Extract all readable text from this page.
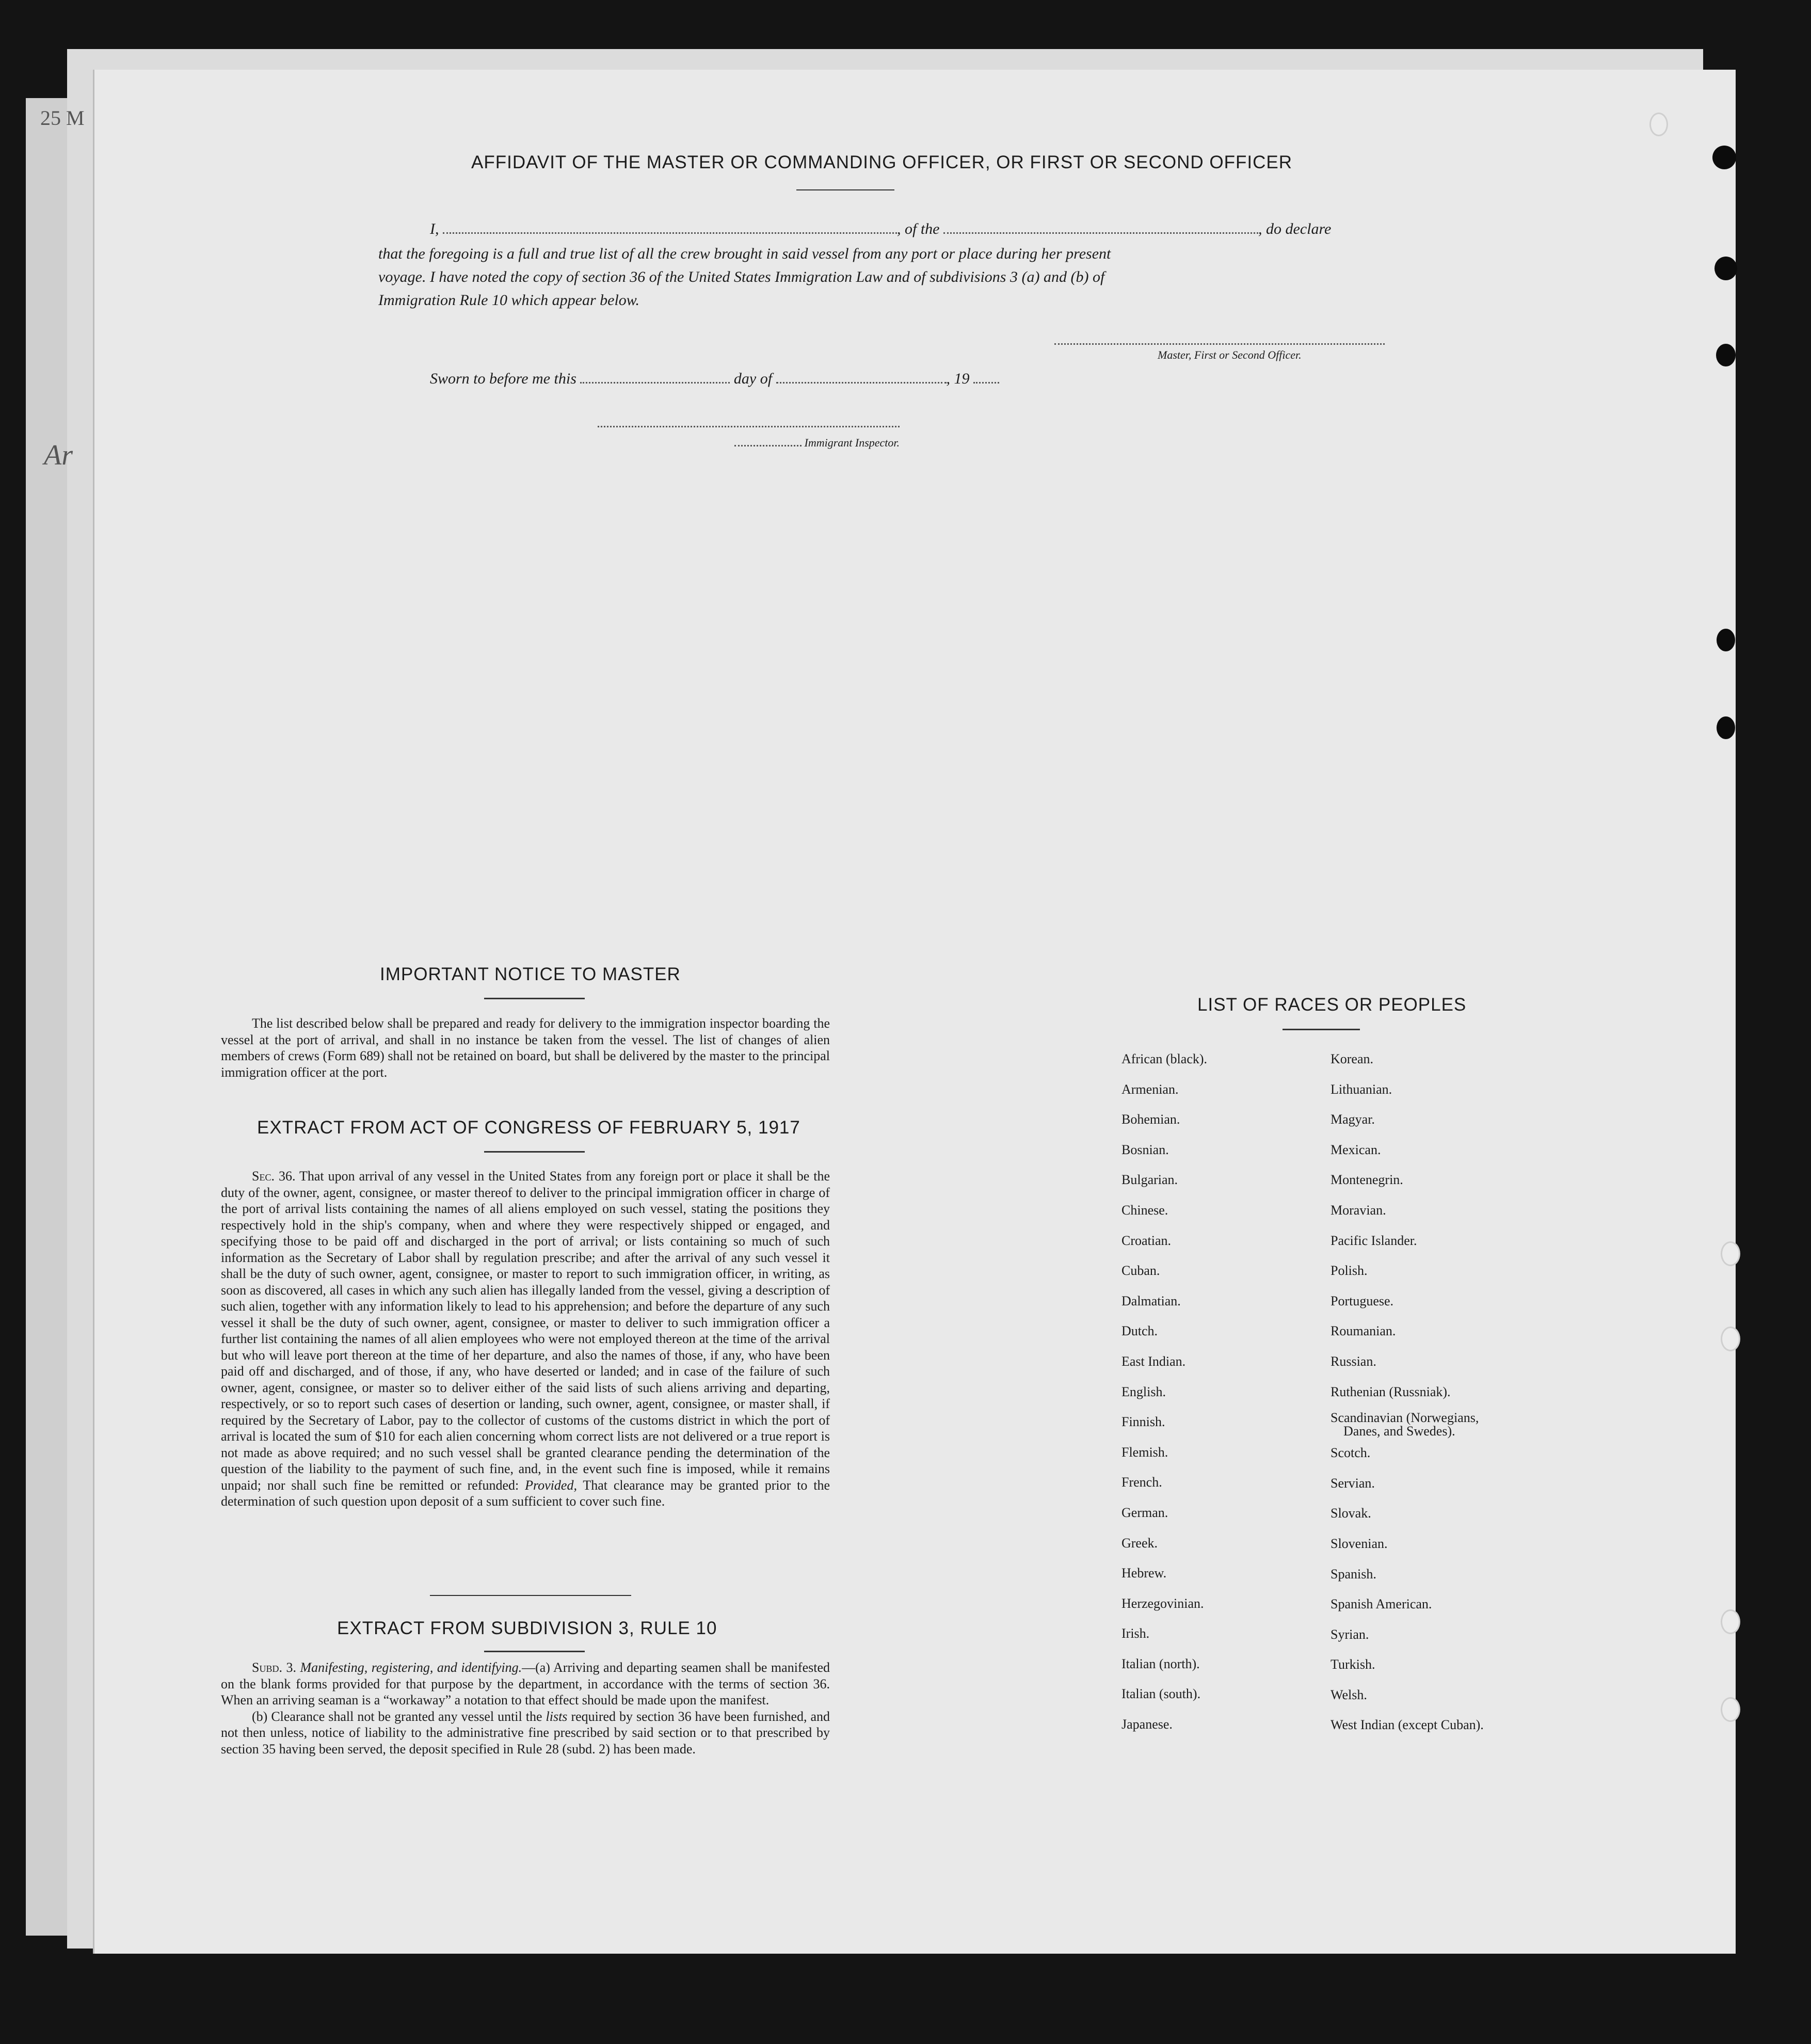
25 M
Ar
AFFIDAVIT OF THE MASTER OR COMMANDING OFFICER, OR FIRST OR SECOND OFFICER
I,	, of the	, do declare
that the foregoing is a full and true list of all the crew brought in said vessel from any port or place during her present
voyage. I have noted the copy of section 36 of the United States Immigration Law and of subdivisions 3 (a) and (b) of
Immigration Rule 10 which appear below.
Master, First or Second Officer.
Sworn to before me this	day of	, 19
Immigrant Inspector.
IMPORTANT NOTICE TO MASTER

The list described below shall be prepared and ready for delivery to the immigration inspector boarding the vessel at the port of arrival, and shall in no instance be taken from the vessel. The list of changes of alien members of crews (Form 689) shall not be retained on board, but shall be delivered by the master to the principal immigration officer at the port.

EXTRACT FROM ACT OF CONGRESS OF FEBRUARY 5, 1917

Sec. 36. That upon arrival of any vessel in the United States from any foreign port or place it shall be the duty of the owner, agent, consignee, or master thereof to deliver to the principal immigration officer in charge of the port of arrival lists containing the names of all aliens employed on such vessel, stating the positions they respectively hold in the ship's company, when and where they were respectively shipped or engaged, and specifying those to be paid off and discharged in the port of arrival; or lists containing so much of such information as the Secretary of Labor shall by regulation prescribe; and after the arrival of any such vessel it shall be the duty of such owner, agent, consignee, or master to report to such immigration officer, in writing, as soon as discovered, all cases in which any such alien has illegally landed from the vessel, giving a description of such alien, together with any information likely to lead to his apprehension; and before the departure of any such vessel it shall be the duty of such owner, agent, consignee, or master to deliver to such immigration officer a further list containing the names of all alien employees who were not employed thereon at the time of the arrival but who will leave port thereon at the time of her departure, and also the names of those, if any, who have been paid off and discharged, and of those, if any, who have deserted or landed; and in case of the failure of such owner, agent, consignee, or master so to deliver either of the said lists of such aliens arriving and departing, respectively, or so to report such cases of desertion or landing, such owner, agent, consignee, or master shall, if required by the Secretary of Labor, pay to the collector of customs of the customs district in which the port of arrival is located the sum of $10 for each alien concerning whom correct lists are not delivered or a true report is not made as above required; and no such vessel shall be granted clearance pending the determination of the question of the liability to the payment of such fine, and, in the event such fine is imposed, while it remains unpaid; nor shall such fine be remitted or refunded: Provided, That clearance may be granted prior to the determination of such question upon deposit of a sum sufficient to cover such fine.

EXTRACT FROM SUBDIVISION 3, RULE 10

Subd. 3. Manifesting, registering, and identifying.—(a) Arriving and departing seamen shall be manifested on the blank forms provided for that purpose by the department, in accordance with the terms of section 36. When an arriving seaman is a “workaway” a notation to that effect should be made upon the manifest.

(b) Clearance shall not be granted any vessel until the lists required by section 36 have been furnished, and not then unless, notice of liability to the administrative fine prescribed by said section or to that prescribed by section 35 having been served, the deposit specified in Rule 28 (subd. 2) has been made.

LIST OF RACES OR PEOPLES
African (black).
Armenian.
Bohemian.
Bosnian.
Bulgarian.
Chinese.
Croatian.
Cuban.
Dalmatian.
Dutch.
East Indian.
English.
Finnish.
Flemish.
French.
German.
Greek.
Hebrew.
Herzegovinian.
Irish.
Italian (north).
Italian (south).
Japanese.
Korean.
Lithuanian.
Magyar.
Mexican.
Montenegrin.
Moravian.
Pacific Islander.
Polish.
Portuguese.
Roumanian.
Russian.
Ruthenian (Russniak).
Scandinavian (Norwegians,
Danes, and Swedes).
Scotch.
Servian.
Slovak.
Slovenian.
Spanish.
Spanish American.
Syrian.
Turkish.
Welsh.
West Indian (except Cuban).
